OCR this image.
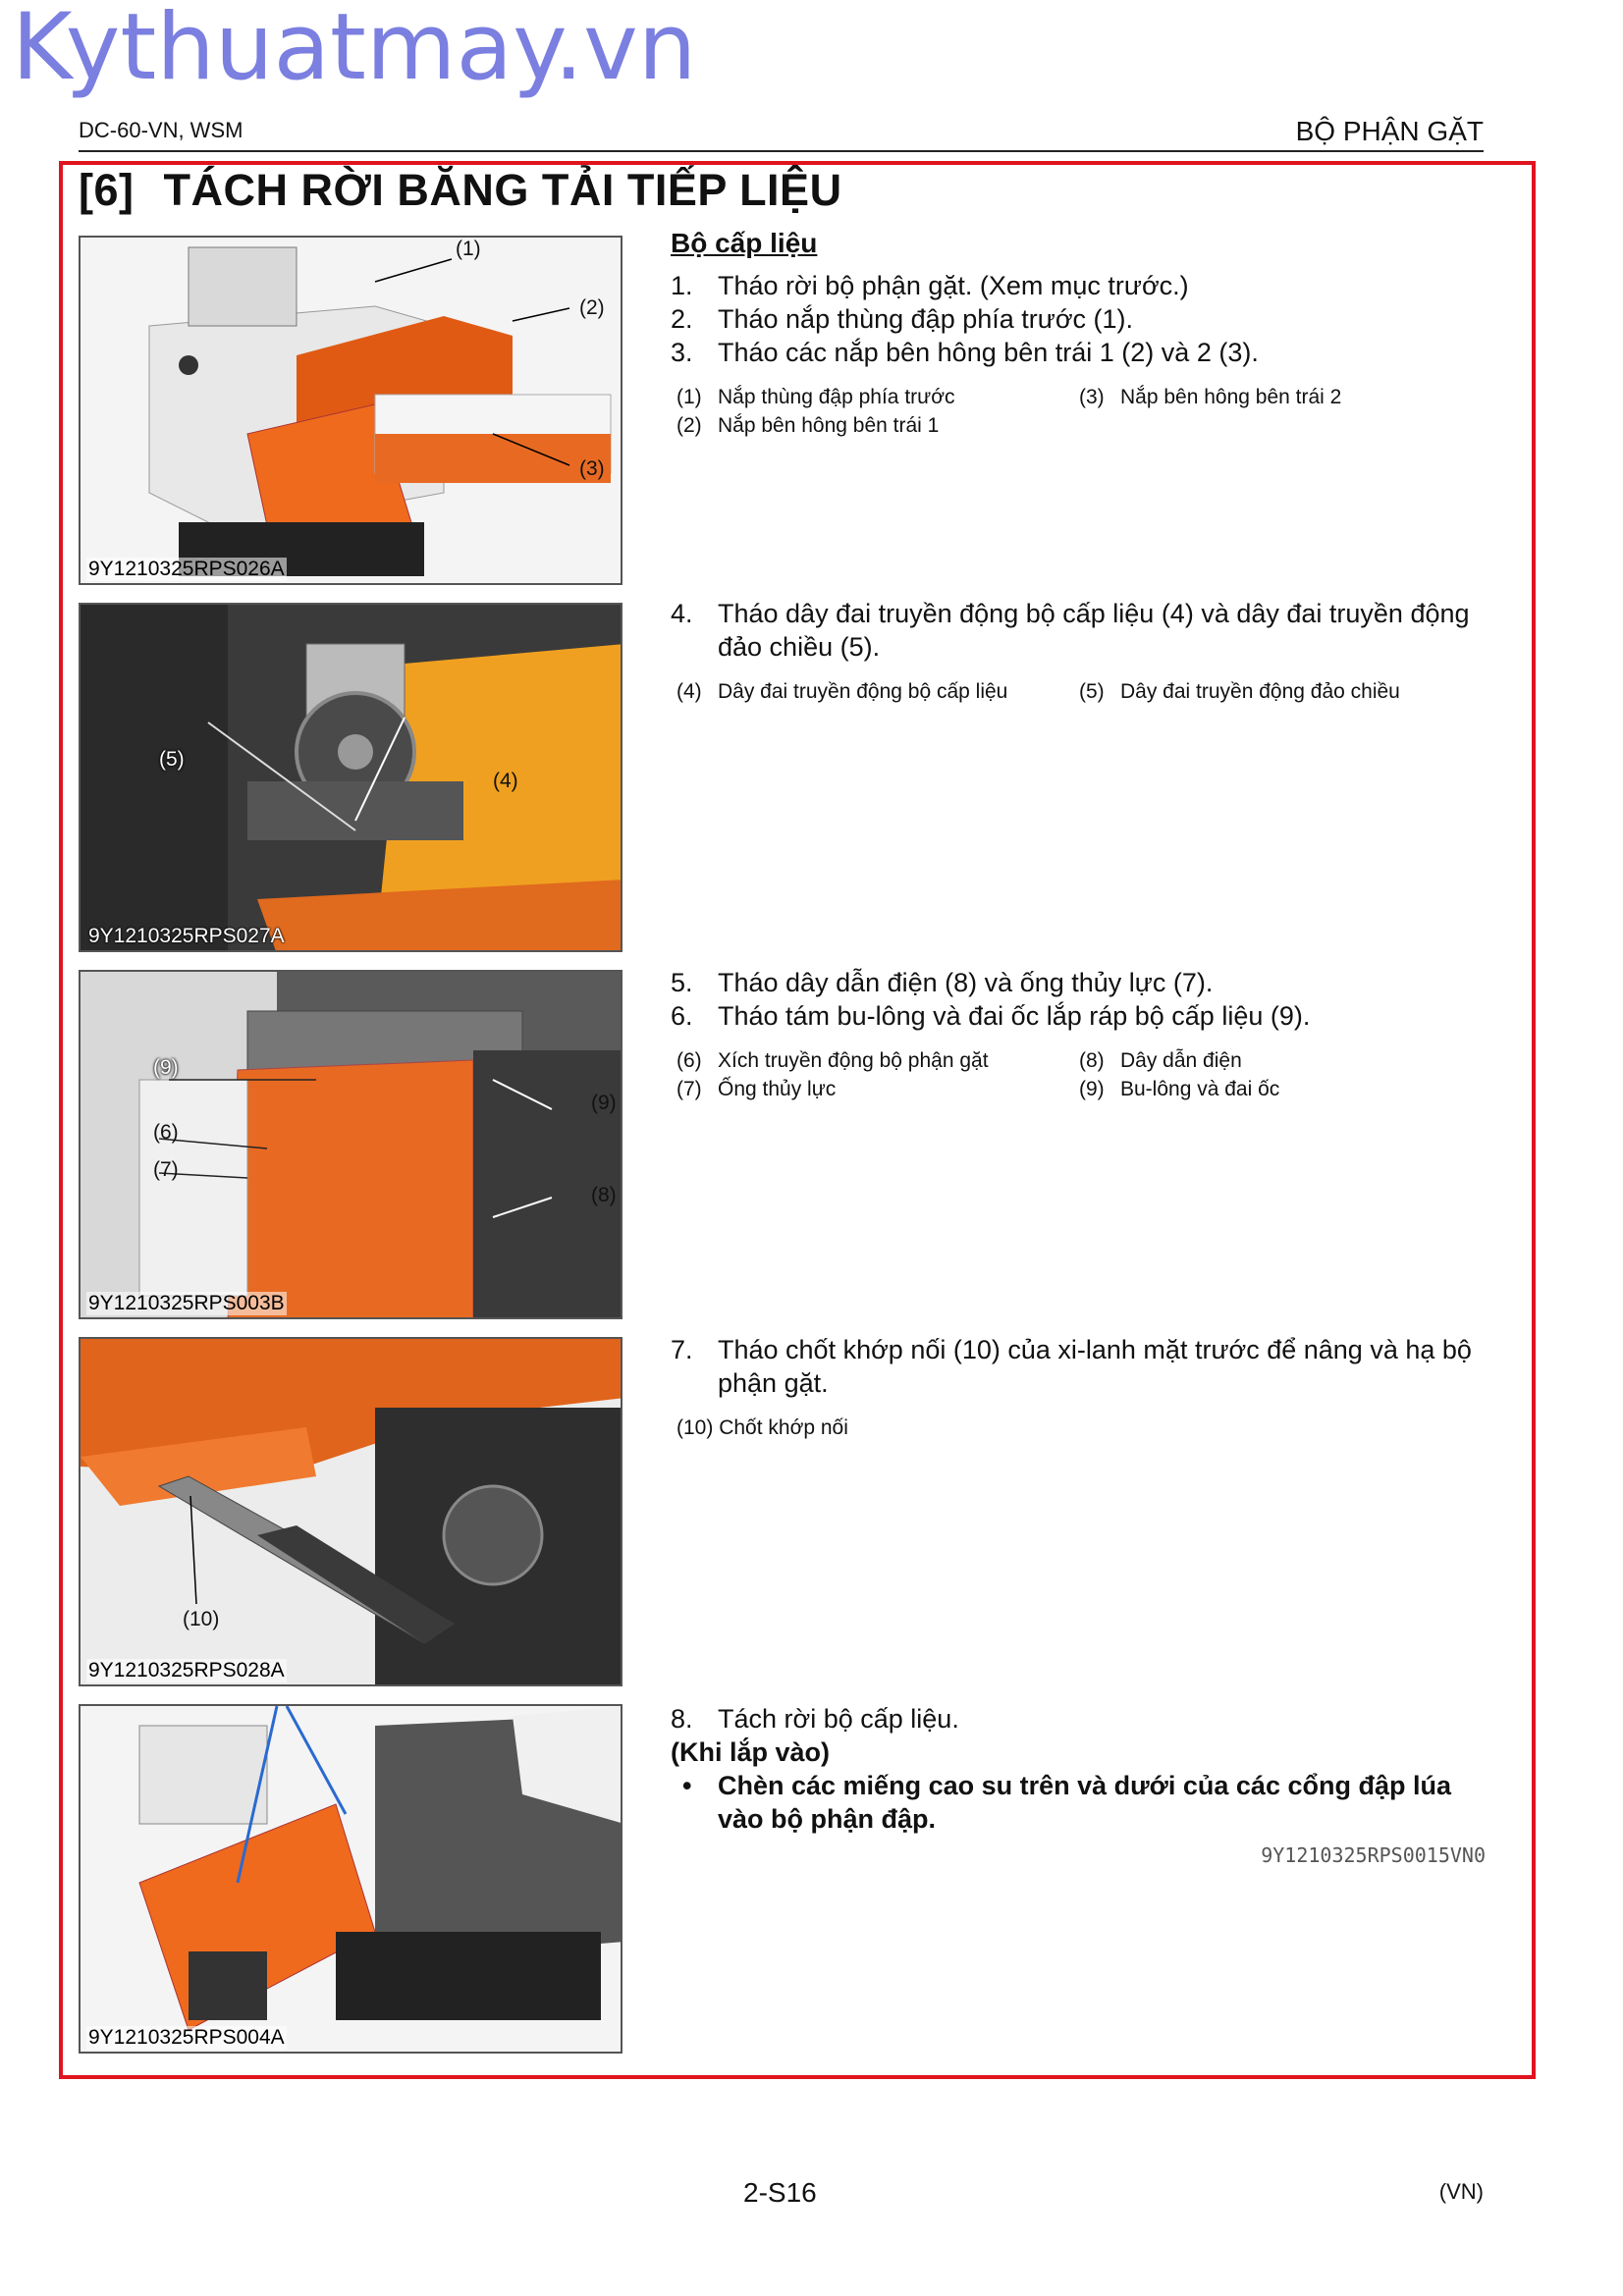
Kythuatmay.vn
DC-60-VN, WSM	BỘ PHẬN GẶT
[6] TÁCH RỜI BĂNG TẢI TIẾP LIỆU
(1)
(2)
(3)
9Y1210325RPS026A
(5)
(4)
9Y1210325RPS027A
(9)
(9)
(6)
(7)
(8)
9Y1210325RPS003B
(10)
9Y1210325RPS028A
9Y1210325RPS004A
Bộ cấp liệu
1. Tháo rời bộ phận gặt. (Xem mục trước.)
2. Tháo nắp thùng đập phía trước (1).
3. Tháo các nắp bên hông bên trái 1 (2) và 2 (3).
(1) Nắp thùng đập phía trước	(3) Nắp bên hông bên trái 2
(2) Nắp bên hông bên trái 1
4. Tháo dây đai truyền động bộ cấp liệu (4) và dây đai truyền động đảo chiều (5).
(4) Dây đai truyền động bộ cấp liệu	(5) Dây đai truyền động đảo chiều
5. Tháo dây dẫn điện (8) và ống thủy lực (7).
6. Tháo tám bu-lông và đai ốc lắp ráp bộ cấp liệu (9).
(6) Xích truyền động bộ phận gặt	(8) Dây dẫn điện
(7) Ống thủy lực	(9) Bu-lông và đai ốc
7. Tháo chốt khớp nối (10) của xi-lanh mặt trước để nâng và hạ bộ phận gặt.
(10) Chốt khớp nối
8. Tách rời bộ cấp liệu.
(Khi lắp vào)
• Chèn các miếng cao su trên và dưới của các cổng đập lúa vào bộ phận đập.
9Y1210325RPS0015VN0
2-S16	(VN)
